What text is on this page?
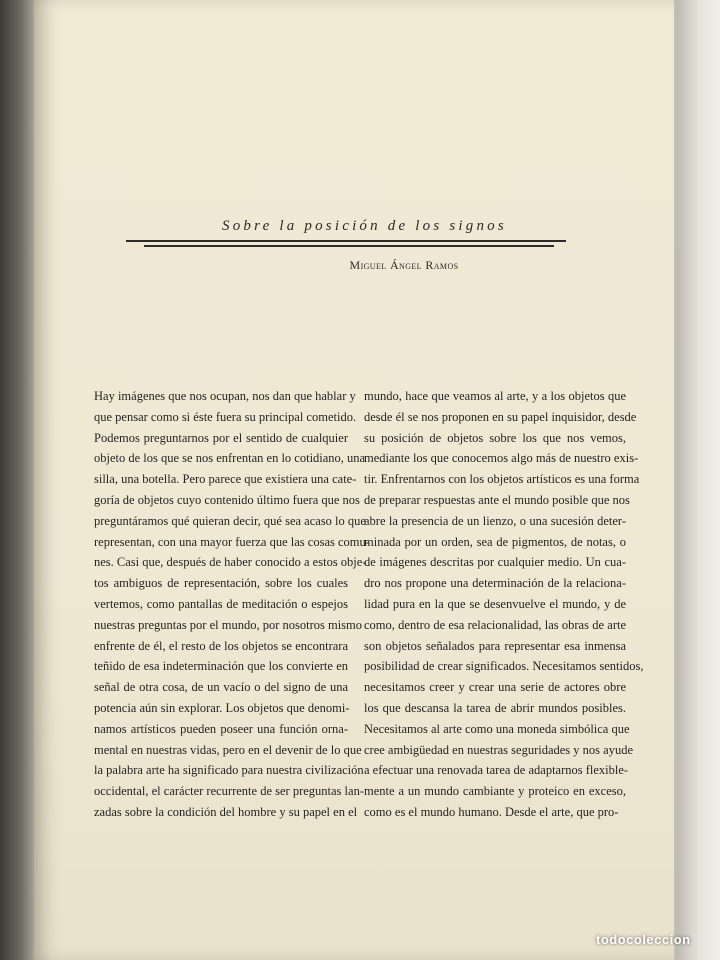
Sobre la posición de los signos
Miguel Ángel Ramos
Hay imágenes que nos ocupan, nos dan que hablar y
que pensar como si éste fuera su principal cometido.
Podemos preguntarnos por el sentido de cualquier
objeto de los que se nos enfrentan en lo cotidiano, una
silla, una botella. Pero parece que existiera una cate-
goría de objetos cuyo contenido último fuera que nos
preguntáramos qué quieran decir, qué sea acaso lo que
representan, con una mayor fuerza que las cosas comu-
nes. Casi que, después de haber conocido a estos obje-
tos ambiguos de representación, sobre los cuales
vertemos, como pantallas de meditación o espejos
nuestras preguntas por el mundo, por nosotros mismo
enfrente de él, el resto de los objetos se encontrara
teñido de esa indeterminación que los convierte en
señal de otra cosa, de un vacío o del signo de una
potencia aún sin explorar. Los objetos que denomi-
namos artísticos pueden poseer una función orna-
mental en nuestras vidas, pero en el devenir de lo que
la palabra arte ha significado para nuestra civilización
occidental, el carácter recurrente de ser preguntas lan-
zadas sobre la condición del hombre y su papel en el
mundo, hace que veamos al arte, y a los objetos que
desde él se nos proponen en su papel inquisidor, desde
su posición de objetos sobre los que nos vemos,
mediante los que conocemos algo más de nuestro exis-
tir. Enfrentarnos con los objetos artísticos es una forma
de preparar respuestas ante el mundo posible que nos
abre la presencia de un lienzo, o una sucesión deter-
minada por un orden, sea de pigmentos, de notas, o
de imágenes descritas por cualquier medio. Un cua-
dro nos propone una determinación de la relaciona-
lidad pura en la que se desenvuelve el mundo, y de
como, dentro de esa relacionalidad, las obras de arte
son objetos señalados para representar esa inmensa
posibilidad de crear significados. Necesitamos sentidos,
necesitamos creer y crear una serie de actores obre
los que descansa la tarea de abrir mundos posibles.
Necesitamos al arte como una moneda simbólica que
cree ambigüedad en nuestras seguridades y nos ayude
a efectuar una renovada tarea de adaptarnos flexible-
mente a un mundo cambiante y proteico en exceso,
como es el mundo humano. Desde el arte, que pro-
todocoleccion
